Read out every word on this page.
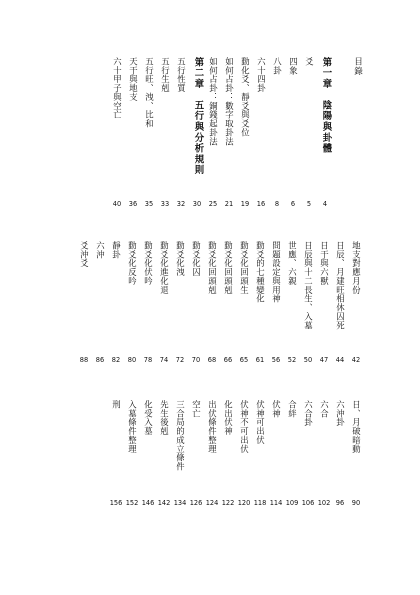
目錄
第一章　陰陽與卦體
4
爻
5
四象
6
八卦
8
六十四卦
16
動化爻、靜爻與爻位
19
如何占卦：數字取卦法
21
如何占卦：銅錢起卦法
25
第二章　五行與分析規則
30
五行性質
32
五行生剋
33
五行旺、洩、比和
35
天干與地支
36
六十甲子與空亡
40
地支對應月份
42
日辰、月建旺相休囚死
44
日干與六獸
47
日辰與十二長生、入墓
50
世應、六親
52
問題設定與用神
56
動爻的七種變化
61
動爻化回頭生
65
動爻化回頭剋
66
動爻化回頭剋
68
動爻化囚
70
動爻化洩
72
動爻化進化退
74
動爻化伏吟
78
動爻化反吟
80
靜卦
82
六沖
86
爻沖爻
88
日、月破暗動
90
六沖卦
96
六合
102
六合卦
106
合絆
109
伏神
114
伏神可出伏
118
伏神不可出伏
120
化出伏神
122
出伏條件整理
124
空亡
126
三合局的成立條件
134
先生後剋
142
化受入墓
146
入墓條件整理
152
刑
156
